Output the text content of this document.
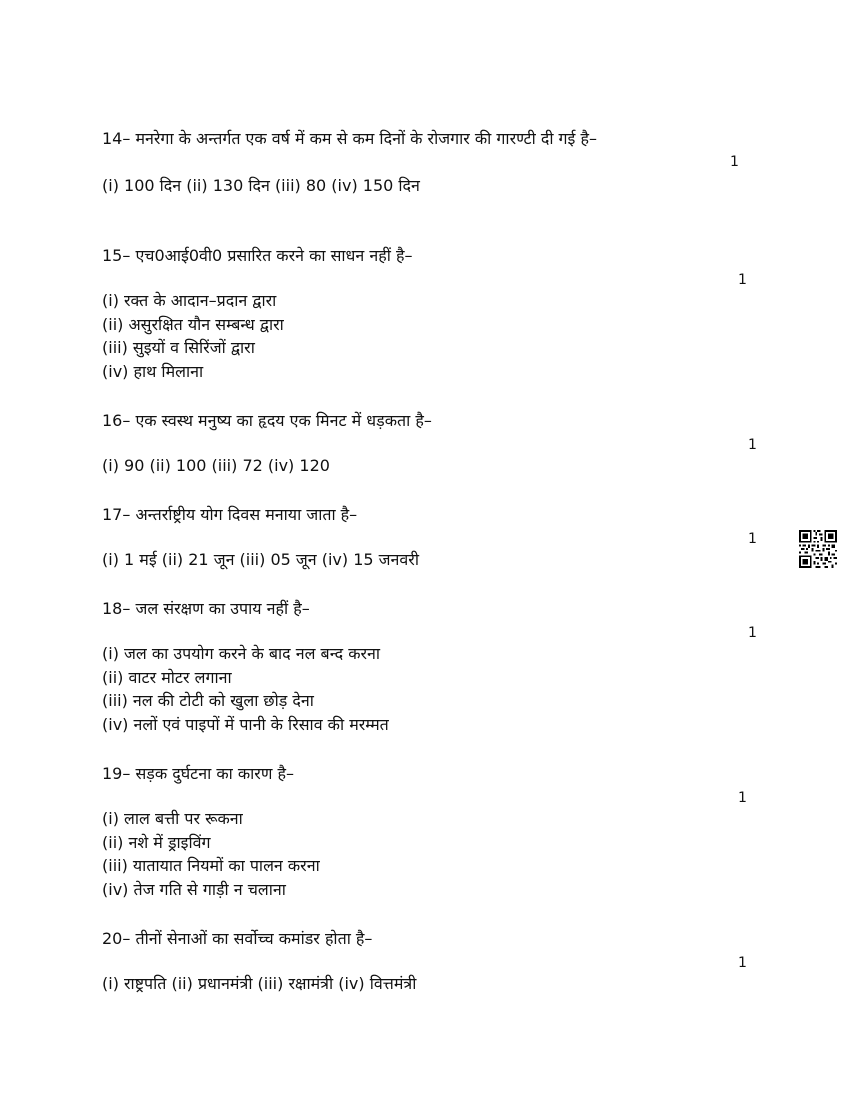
14– मनरेगा के अन्तर्गत एक वर्ष में कम से कम दिनों के रोजगार की गारण्टी दी गई है–
1
(i) 100 दिन (ii) 130 दिन (iii) 80 (iv) 150 दिन
15– एच0आई0वी0 प्रसारित करने का साधन नहीं है–
1
(i) रक्त के आदान–प्रदान द्वारा
(ii) असुरक्षित यौन सम्बन्ध द्वारा
(iii) सुइयों व सिरिंजों द्वारा
(iv) हाथ मिलाना
16– एक स्वस्थ मनुष्य का हृदय एक मिनट में धड़कता है–
1
(i) 90 (ii) 100 (iii) 72 (iv) 120
17– अन्तर्राष्ट्रीय योग दिवस मनाया जाता है–
1
(i) 1 मई (ii) 21 जून (iii) 05 जून (iv) 15 जनवरी
18– जल संरक्षण का उपाय नहीं है–
1
(i) जल का उपयोग करने के बाद नल बन्द करना
(ii) वाटर मोटर लगाना
(iii) नल की टोटी को खुला छोड़ देना
(iv) नलों एवं पाइपों में पानी के रिसाव की मरम्मत
19– सड़क दुर्घटना का कारण है–
1
(i) लाल बत्ती पर रूकना
(ii) नशे में ड्राइविंग
(iii) यातायात नियमों का पालन करना
(iv) तेज गति से गाड़ी न चलाना
20– तीनों सेनाओं का सर्वोच्च कमांडर होता है–
1
(i) राष्ट्रपति (ii) प्रधानमंत्री (iii) रक्षामंत्री (iv) वित्तमंत्री
